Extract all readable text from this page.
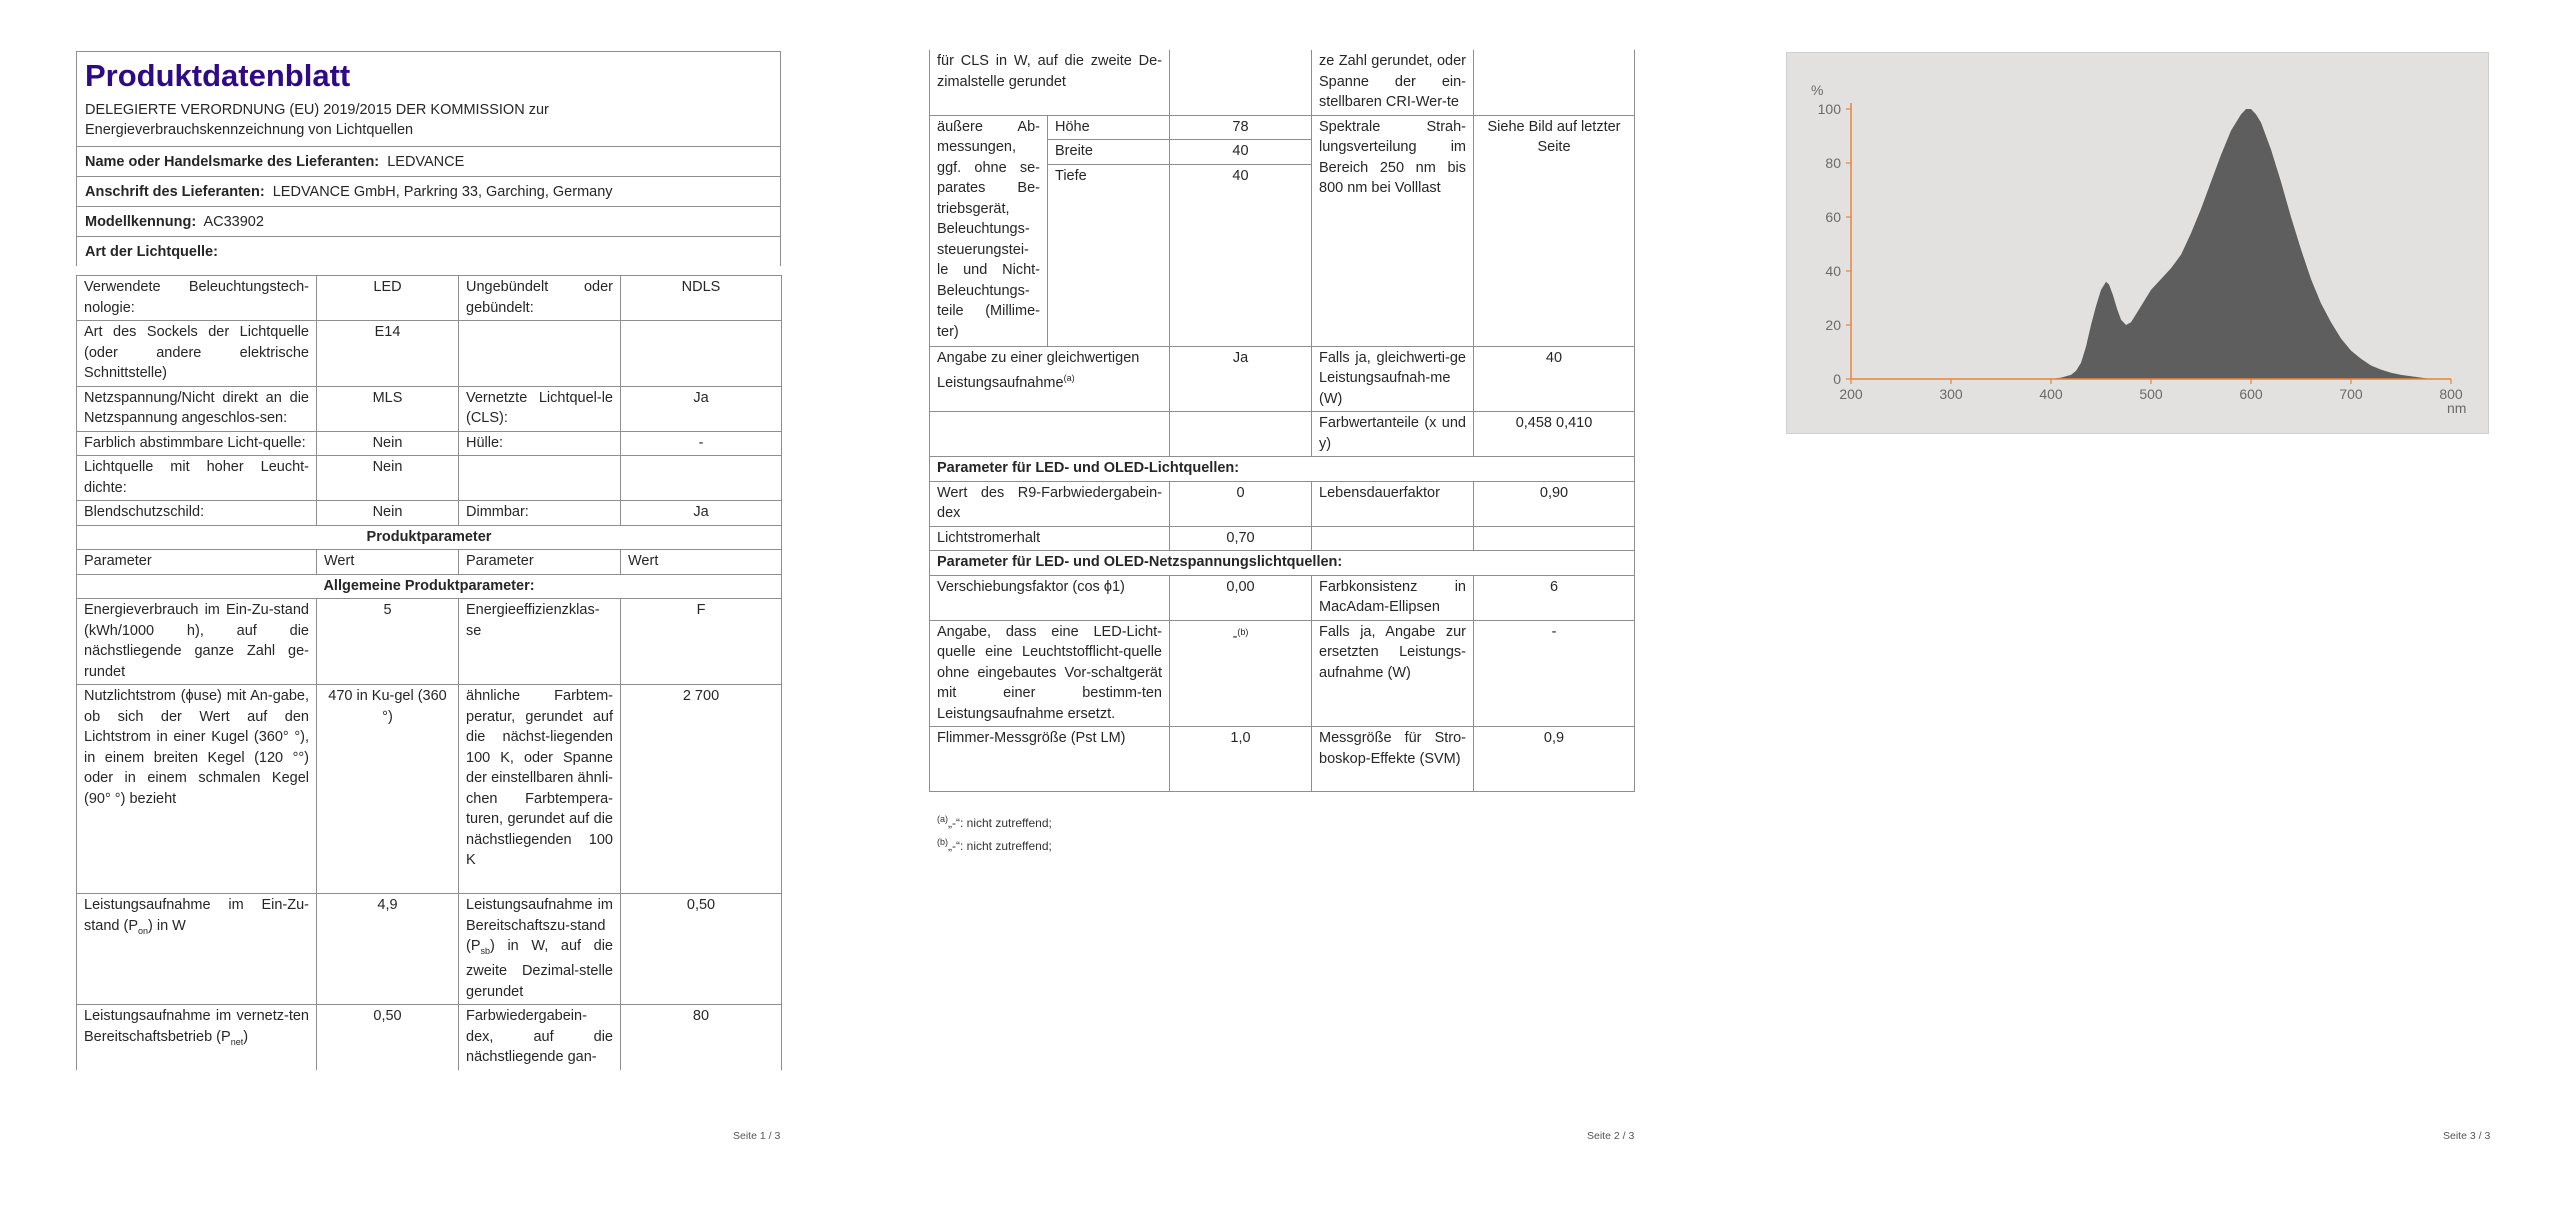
Produktdatenblatt
DELEGIERTE VERORDNUNG (EU) 2019/2015 DER KOMMISSION zur Energieverbrauchskennzeichnung von Lichtquellen
Name oder Handelsmarke des Lieferanten: LEDVANCE
Anschrift des Lieferanten: LEDVANCE GmbH, Parkring 33, Garching, Germany
Modellkennung: AC33902
Art der Lichtquelle:
Verwendete Beleuchtungstech-nologie:	LED	Ungebündelt oder gebündelt:	NDLS
Art des Sockels der Lichtquelle (oder andere elektrische Schnittstelle)	E14		
Netzspannung/Nicht direkt an die Netzspannung angeschlos-sen:	MLS	Vernetzte Lichtquel-le (CLS):	Ja
Farblich abstimmbare Licht-quelle:	Nein	Hülle:	-
Lichtquelle mit hoher Leucht-dichte:	Nein		
Blendschutzschild:	Nein	Dimmbar:	Ja
Produktparameter			
Parameter	Wert	Parameter	Wert
Allgemeine Produktparameter:			
Energieverbrauch im Ein-Zu-stand (kWh/1000 h), auf die nächstliegende ganze Zahl ge-rundet	5	Energieeffizienzklas-se	F
Nutzlichtstrom (ϕuse) mit An-gabe, ob sich der Wert auf den Lichtstrom in einer Kugel (360° °), in einem breiten Kegel (120 °°) oder in einem schmalen Kegel (90° °) bezieht	470 in Ku-gel (360 °)	ähnliche Farbtem-peratur, gerundet auf die nächst-liegenden 100 K, oder Spanne der einstellbaren ähnli-chen Farbtempera-turen, gerundet auf die nächstliegenden 100 K	2 700
Leistungsaufnahme im Ein-Zu-stand $(P_{on})$ in W	4,9	Leistungsaufnahme im Bereitschaftszu-stand $(P_{sb})$ in W, auf die zweite Dezimal-stelle gerundet	0,50
Leistungsaufnahme im vernetz-ten Bereitschaftsbetrieb $(P_{net})$	0,50	Farbwiedergabein-dex, auf die nächstliegende gan-	80
Seite 1 / 3
für CLS in W, auf die zweite De-zimalstelle gerundet			ze Zahl gerundet, oder Spanne der ein-stellbaren CRI-Wer-te	
äußere Ab-messungen, ggf. ohne se-parates Be-triebsgerät, Beleuchtungs-steuerungstei-le und Nicht-Beleuchtungs-teile (Millime-ter)	Höhe	78	Spektrale Strah-lungsverteilung im Bereich 250 nm bis 800 nm bei Volllast	Siehe Bild auf letzter Seite
	Breite	40		
	Tiefe	40		
Angabe zu einer gleichwertigen Leistungsaufnahme$^{(a)}$		Ja	Falls ja, gleichwerti-ge Leistungsaufnah-me (W)	40
			Farbwertanteile (x und y)	0,458 0,410
Parameter für LED- und OLED-Lichtquellen:				
Wert des R9-Farbwiedergabein-dex		0	Lebensdauerfaktor	0,90
Lichtstromerhalt		0,70		
Parameter für LED- und OLED-Netzspannungslichtquellen:				
Verschiebungsfaktor (cos ϕ1)		0,00	Farbkonsistenz in MacAdam-Ellipsen	6
Angabe, dass eine LED-Licht-quelle eine Leuchtstofflicht-quelle ohne eingebautes Vor-schaltgerät mit einer bestimm-ten Leistungsaufnahme ersetzt.		-$^{(b)}$	Falls ja, Angabe zur ersetzten Leistungs-aufnahme (W)	-
Flimmer-Messgröße (Pst LM)		1,0	Messgröße für Stro-boskop-Effekte (SVM)	0,9
$^{(a)}$„-“: nicht zutreffend;
$^{(b)}$„-“: nicht zutreffend;
Seite 2 / 3
200	300	400	500	600	700	800
0
20
40
60
80
100
%
nm
Seite 3 / 3
